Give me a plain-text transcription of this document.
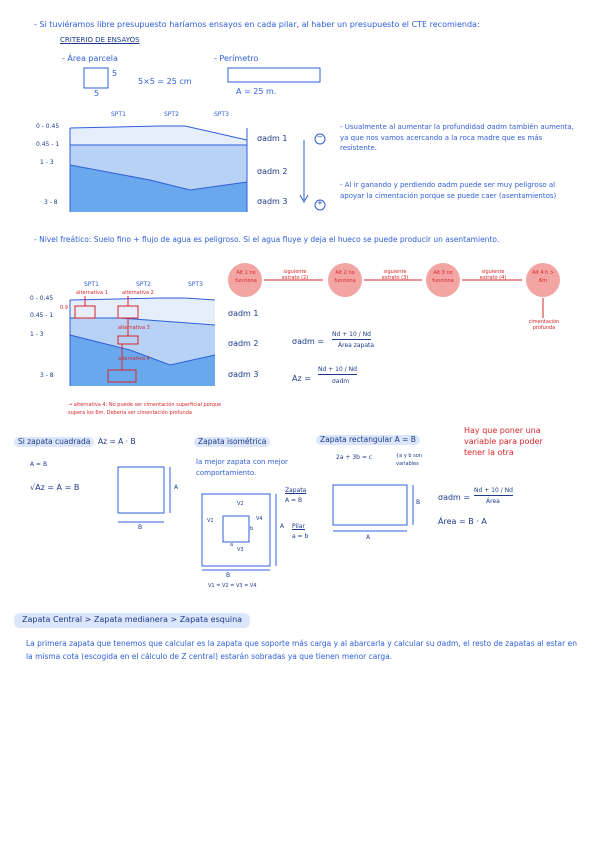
- Si tuviéramos libre presupuesto haríamos ensayos en cada pilar, al haber un presupuesto el CTE recomienda:
CRITERIO DE ENSAYOS
- Área parcela
5
5
5×5 = 25 cm
- Perímetro
A = 25 m.
SPT1	SPT2	SPT3
0 - 0.45
0.45 - 1
1 - 3
3 - 8
σadm 1
σadm 2
σadm 3
−
+
- Usualmente al aumentar la profundidad σadm también aumenta, ya que nos vamos acercando a la roca madre que es más resistente.
- Al ir ganando y perdiendo σadm puede ser muy peligroso al apoyar la cimentación porque se puede caer (asentamientos)
- Nivel freático: Suelo fino + flujo de agua es peligroso. Si el agua fluye y deja el hueco se puede producir un asentamiento.
SPT1	SPT2	SPT3
alternativa 1	alternativa 2
alternativa 3
alternativa 4
0.9
0 - 0.45
0.45 - 1
1 - 3
3 - 8
σadm 1
σadm 2
σadm 3
Alt 1 no funciona
Alt 2 no funciona
Alt 3 no funciona
Alt 4 h > 6m
siguiente estrato (2)
siguiente estrato (3)
siguiente estrato (4)
cimentación profunda
σadm =
Nd + 10 / Nd
Área zapata
Az =
Nd + 10 / Nd
σadm
→ alternativa 4: No puede ser cimentación superficial porque supera los 6m. Debería ser cimentación profunda
Si zapata cuadrada	Az = A · B
A = B
√Az = A = B	A
B
Zapata isométrica
la mejor zapata con mejor comportamiento.
V1
V2
V3
V4
a
b
B
A
V1 = V2 = V3 = V4
Zapata
A = B
Pilar
a = b
Zapata rectangular A = B
2a + 3b = c	{a y b son variables
Hay que poner una variable para poder tener la otra
B
A
σadm =
Nd + 10 / Nd
Área
Área = B · A
Zapata Central > Zapata medianera > Zapata esquina
La primera zapata que tenemos que calcular es la zapata que soporte más carga y al abarcarla y calcular su σadm, el resto de zapatas al estar en la misma cota (escogida en el cálculo de Z central) estarán sobradas ya que tienen menor carga.
